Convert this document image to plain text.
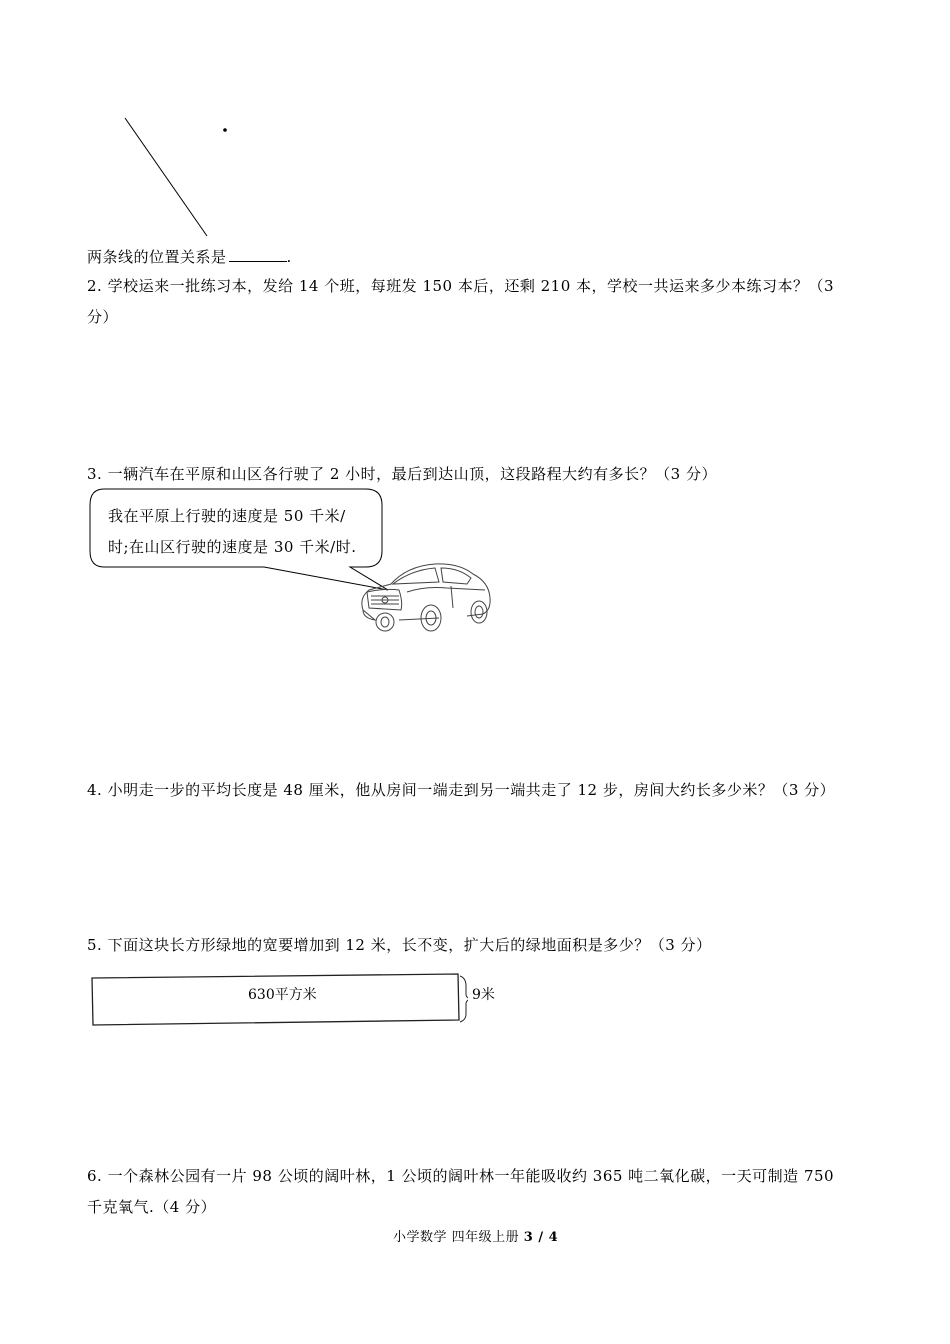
两条线的位置关系是	.
2. 学校运来一批练习本，发给 14 个班，每班发 150 本后，还剩 210 本，学校一共运来多少本练习本？（3
分）
3. 一辆汽车在平原和山区各行驶了 2 小时，最后到达山顶，这段路程大约有多长？（3 分）
我在平原上行驶的速度是 50 千米/
时;在山区行驶的速度是 30 千米/时.
4. 小明走一步的平均长度是 48 厘米，他从房间一端走到另一端共走了 12 步，房间大约长多少米？（3 分）
5. 下面这块长方形绿地的宽要增加到 12 米，长不变，扩大后的绿地面积是多少？（3 分）
630平方米	9米
6. 一个森林公园有一片 98 公顷的阔叶林，1 公顷的阔叶林一年能吸收约 365 吨二氧化碳，一天可制造 750
千克氧气.（4 分）
小学数学 四年级上册 3 / 4
